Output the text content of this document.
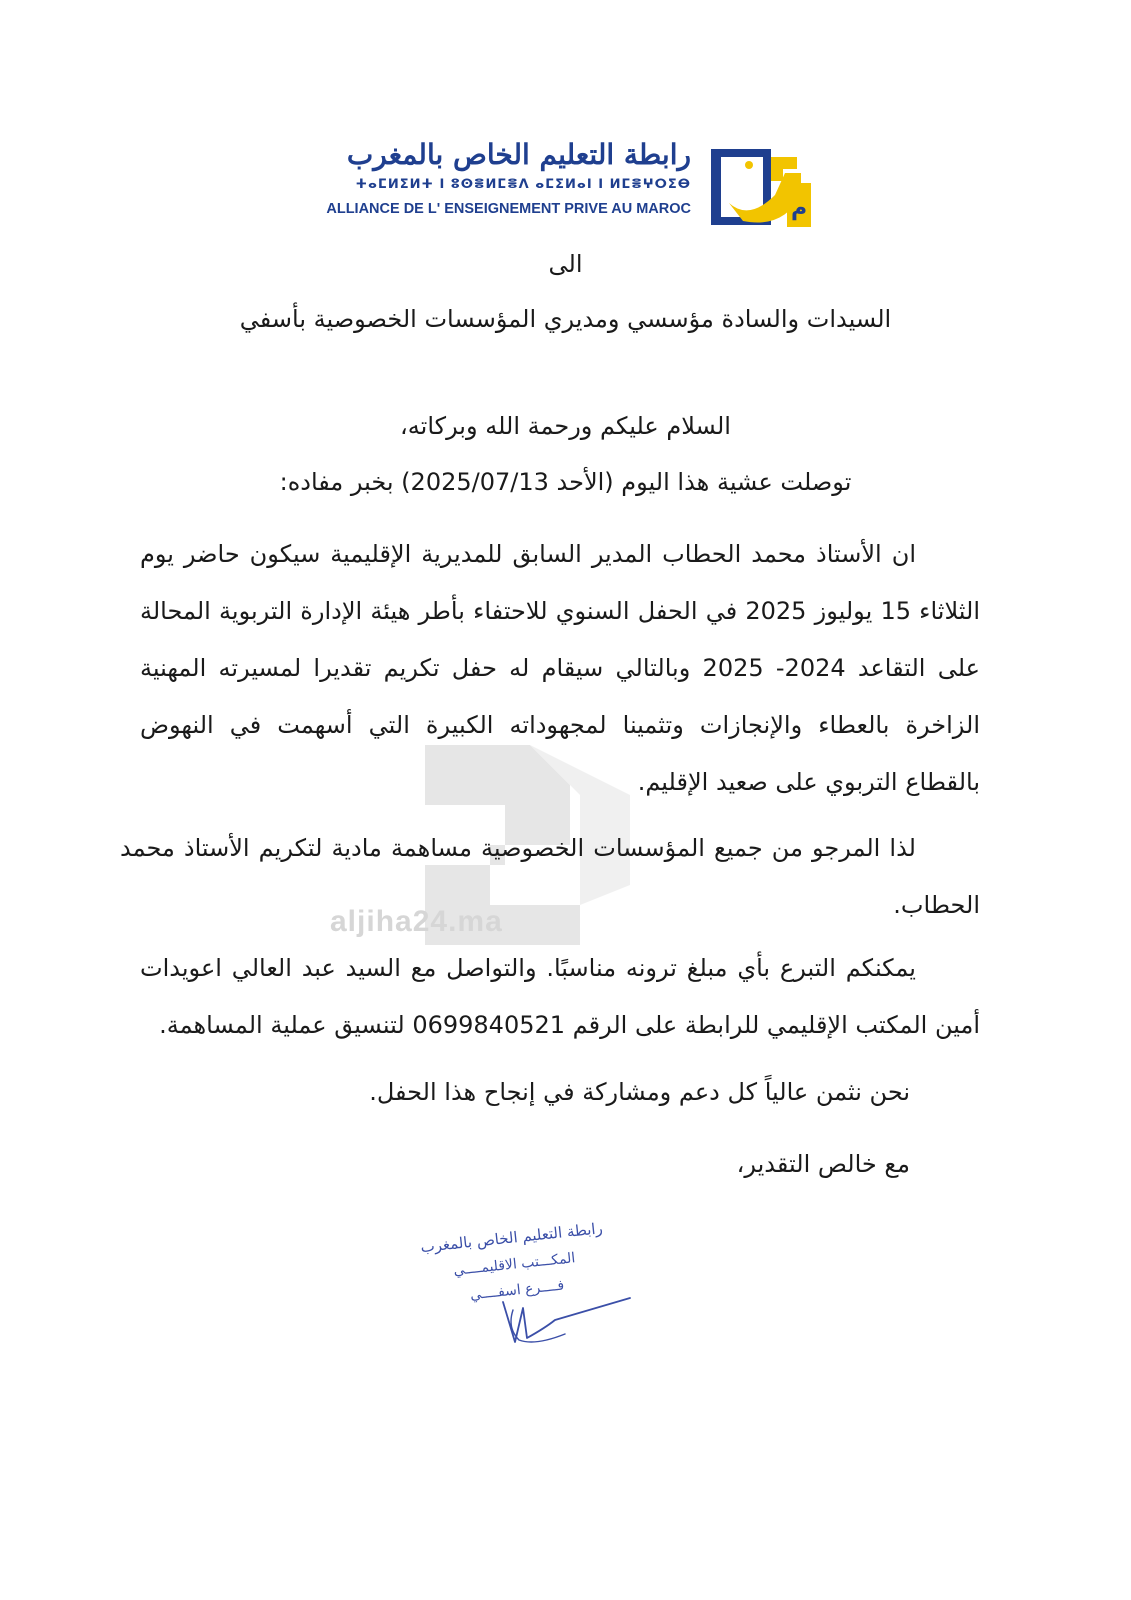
م
رابطة التعليم الخاص بالمغرب
ⵜⴰⵎⵍⵉⵍⵜ ⵏ ⵓⵙⴻⵍⵎⴻⴷ ⴰⵎⵉⵍⴰⵏ ⵏ ⵍⵎⴻⵖⵔⵉⴱ
ALLIANCE DE L' ENSEIGNEMENT PRIVE AU MAROC
aljiha24.ma
الى
السيدات والسادة مؤسسي ومديري المؤسسات الخصوصية بأسفي
السلام عليكم ورحمة الله وبركاته،
توصلت عشية هذا اليوم (الأحد 2025/07/13) بخبر مفاده:
ان الأستاذ محمد الحطاب المدير السابق للمديرية الإقليمية سيكون حاضر يوم الثلاثاء 15 يوليوز 2025 في الحفل السنوي للاحتفاء بأطر هيئة الإدارة التربوية المحالة على التقاعد 2024- 2025 وبالتالي سيقام له حفل تكريم تقديرا لمسيرته المهنية الزاخرة بالعطاء والإنجازات وتثمينا لمجهوداته الكبيرة التي أسهمت في النهوض بالقطاع التربوي على صعيد الإقليم.
لذا المرجو من جميع المؤسسات الخصوصية مساهمة مادية لتكريم الأستاذ محمد الحطاب.
يمكنكم التبرع بأي مبلغ ترونه مناسبًا. والتواصل مع السيد عبد العالي اعويدات أمين المكتب الإقليمي للرابطة على الرقم 0699840521 لتنسيق عملية المساهمة.
نحن نثمن عالياً كل دعم ومشاركة في إنجاح هذا الحفل.
مع خالص التقدير،
رابطة التعليم الخاص بالمغرب
المكـــتب الاقليمــــي
فــــرع اسفــــي
